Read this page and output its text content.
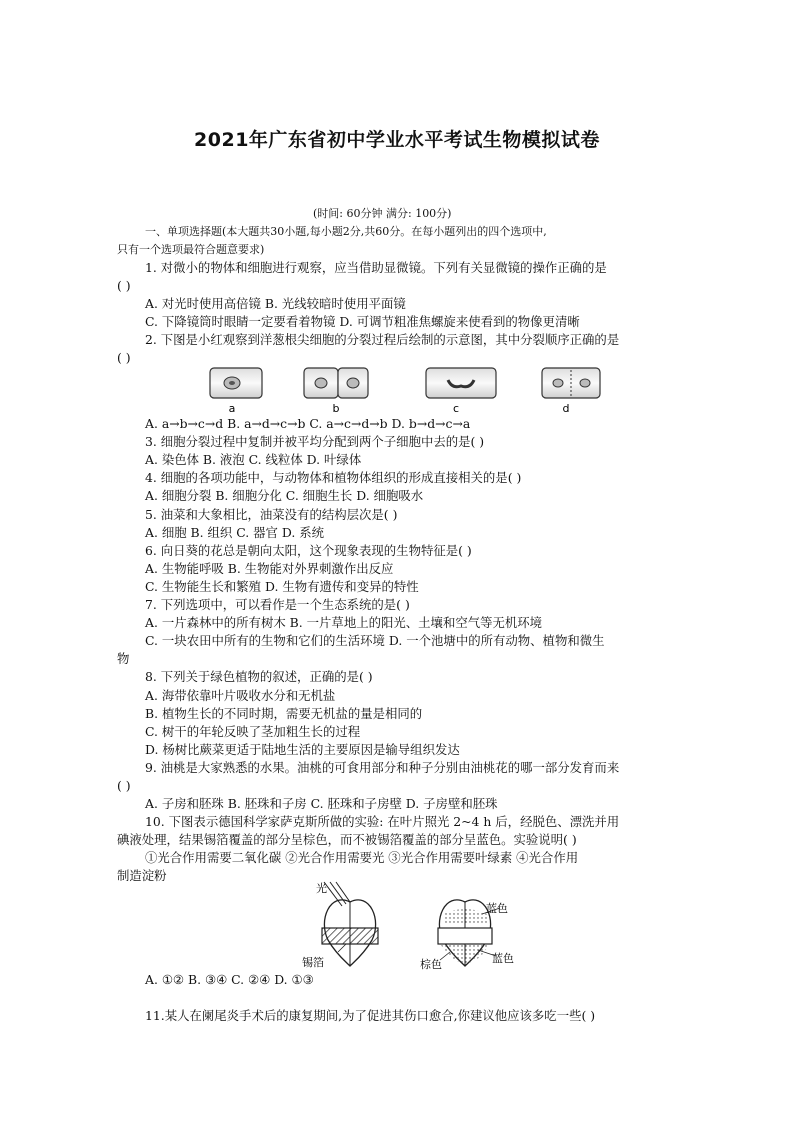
2021年广东省初中学业水平考试生物模拟试卷
(时间: 60分钟 满分: 100分)
一、单项选择题(本大题共30小题,每小题2分,共60分。在每小题列出的四个选项中,
只有一个选项最符合题意要求)
1. 对微小的物体和细胞进行观察，应当借助显微镜。下列有关显微镜的操作正确的是
( )
A. 对光时使用高倍镜 B. 光线较暗时使用平面镜
C. 下降镜筒时眼睛一定要看着物镜 D. 可调节粗准焦螺旋来使看到的物像更清晰
2. 下图是小红观察到洋葱根尖细胞的分裂过程后绘制的示意图，其中分裂顺序正确的是
( )
a	b	c	d
A. a→b→c→d B. a→d→c→b C. a→c→d→b D. b→d→c→a
3. 细胞分裂过程中复制并被平均分配到两个子细胞中去的是( )
A. 染色体 B. 液泡 C. 线粒体 D. 叶绿体
4. 细胞的各项功能中，与动物体和植物体组织的形成直接相关的是( )
A. 细胞分裂 B. 细胞分化 C. 细胞生长 D. 细胞吸水
5. 油菜和大象相比，油菜没有的结构层次是( )
A. 细胞 B. 组织 C. 器官 D. 系统
6. 向日葵的花总是朝向太阳，这个现象表现的生物特征是( )
A. 生物能呼吸 B. 生物能对外界刺激作出反应
C. 生物能生长和繁殖 D. 生物有遗传和变异的特性
7. 下列选项中，可以看作是一个生态系统的是( )
A. 一片森林中的所有树木 B. 一片草地上的阳光、土壤和空气等无机环境
C. 一块农田中所有的生物和它们的生活环境 D. 一个池塘中的所有动物、植物和微生
物
8. 下列关于绿色植物的叙述，正确的是( )
A. 海带依靠叶片吸收水分和无机盐
B. 植物生长的不同时期，需要无机盐的量是相同的
C. 树干的年轮反映了茎加粗生长的过程
D. 杨树比蕨菜更适于陆地生活的主要原因是输导组织发达
9. 油桃是大家熟悉的水果。油桃的可食用部分和种子分别由油桃花的哪一部分发育而来
( )
A. 子房和胚珠 B. 胚珠和子房 C. 胚珠和子房壁 D. 子房壁和胚珠
10. 下图表示德国科学家萨克斯所做的实验: 在叶片照光 2~4 h 后，经脱色、漂洗并用
碘液处理，结果锡箔覆盖的部分呈棕色，而不被锡箔覆盖的部分呈蓝色。实验说明( )
①光合作用需要二氧化碳 ②光合作用需要光 ③光合作用需要叶绿素 ④光合作用
制造淀粉
光
锡箔
蓝色
棕色	蓝色
A. ①② B. ③④ C. ②④ D. ①③
11.某人在阑尾炎手术后的康复期间,为了促进其伤口愈合,你建议他应该多吃一些( )
